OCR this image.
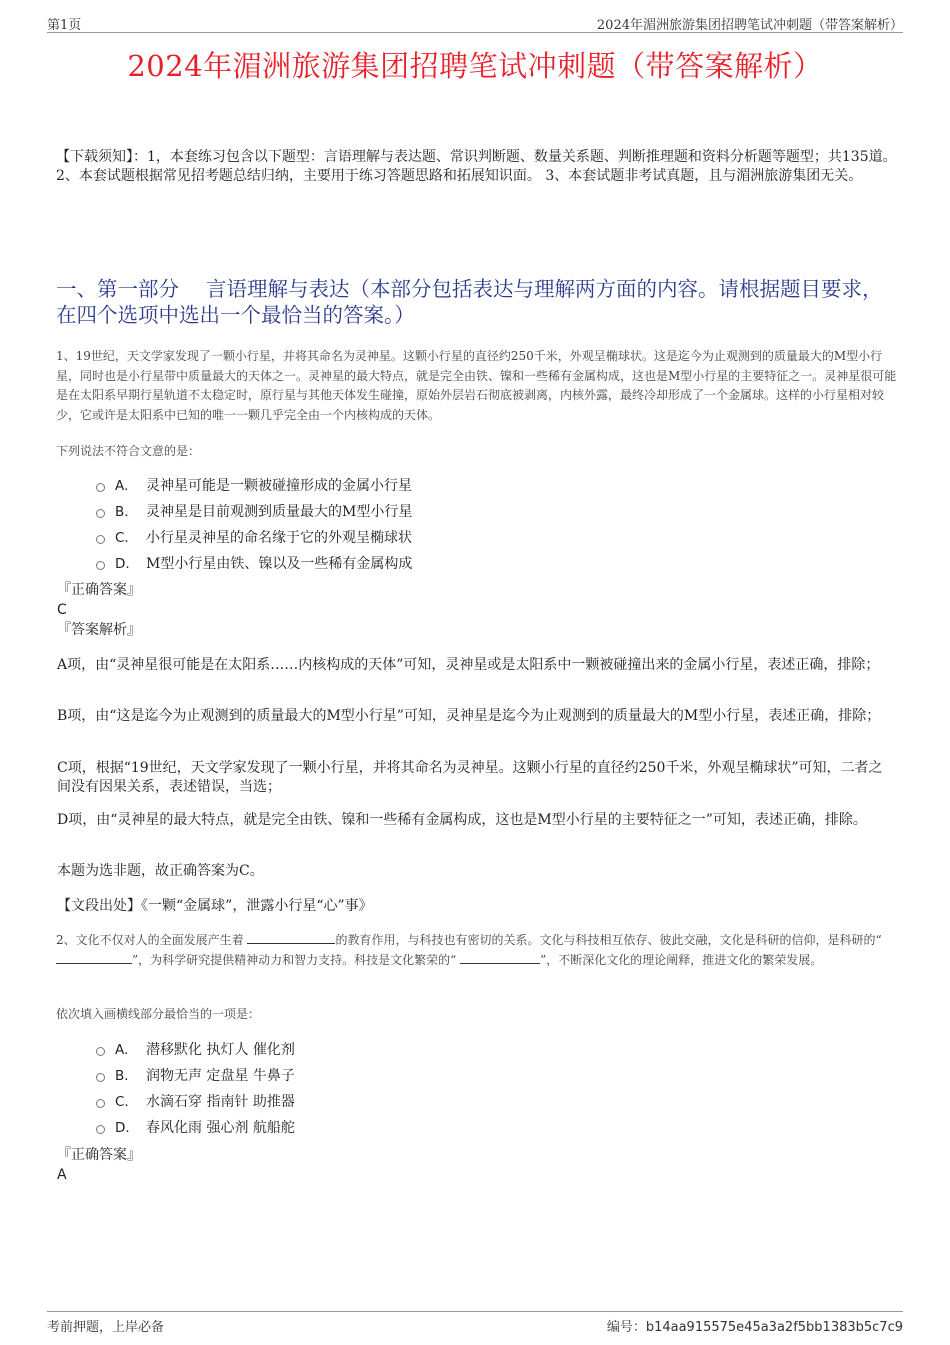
第1页	2024年湄洲旅游集团招聘笔试冲刺题（带答案解析）
2024年湄洲旅游集团招聘笔试冲刺题（带答案解析）
【下载须知】：1，本套练习包含以下题型：言语理解与表达题、常识判断题、数量关系题、判断推理题和资料分析题等题型；共135道。 2、本套试题根据常见招考题总结归纳，主要用于练习答题思路和拓展知识面。 3、本套试题非考试真题，且与湄洲旅游集团无关。
一、第一部分　 言语理解与表达（本部分包括表达与理解两方面的内容。请根据题目要求，在四个选项中选出一个最恰当的答案。）
1、19世纪，天文学家发现了一颗小行星，并将其命名为灵神星。这颗小行星的直径约250千米，外观呈椭球状。这是迄今为止观测到的质量最大的M型小行星，同时也是小行星带中质量最大的天体之一。灵神星的最大特点，就是完全由铁、镍和一些稀有金属构成，这也是M型小行星的主要特征之一。灵神星很可能是在太阳系早期行星轨道不太稳定时，原行星与其他天体发生碰撞，原始外层岩石彻底被剥离，内核外露，最终冷却形成了一个金属球。这样的小行星相对较少，它或许是太阳系中已知的唯一一颗几乎完全由一个内核构成的天体。
下列说法不符合文意的是：
A.	灵神星可能是一颗被碰撞形成的金属小行星
B.	灵神星是目前观测到质量最大的M型小行星
C.	小行星灵神星的命名缘于它的外观呈椭球状
D.	M型小行星由铁、镍以及一些稀有金属构成
『正确答案』
C
『答案解析』
A项，由“灵神星很可能是在太阳系……内核构成的天体”可知，灵神星或是太阳系中一颗被碰撞出来的金属小行星，表述正确，排除；
B项，由“这是迄今为止观测到的质量最大的M型小行星”可知，灵神星是迄今为止观测到的质量最大的M型小行星，表述正确，排除；
C项，根据“19世纪，天文学家发现了一颗小行星，并将其命名为灵神星。这颗小行星的直径约250千米，外观呈椭球状”可知，二者之间没有因果关系，表述错误，当选；
D项，由“灵神星的最大特点，就是完全由铁、镍和一些稀有金属构成，这也是M型小行星的主要特征之一”可知，表述正确，排除。
本题为选非题，故正确答案为C。
【文段出处】《一颗“金属球”，泄露小行星“心”事》
2、文化不仅对人的全面发展产生着	的教育作用，与科技也有密切的关系。文化与科技相互依存、彼此交融，文化是科研的信仰，是科研的“ ”，为科学研究提供精神动力和智力支持。科技是文化繁荣的“	”，不断深化文化的理论阐释，推进文化的繁荣发展。
依次填入画横线部分最恰当的一项是：
A.	潜移默化 执灯人 催化剂
B.	润物无声 定盘星 牛鼻子
C.	水滴石穿 指南针 助推器
D.	春风化雨 强心剂 航船舵
『正确答案』
A
考前押题，上岸必备	编号：b14aa915575e45a3a2f5bb1383b5c7c9
